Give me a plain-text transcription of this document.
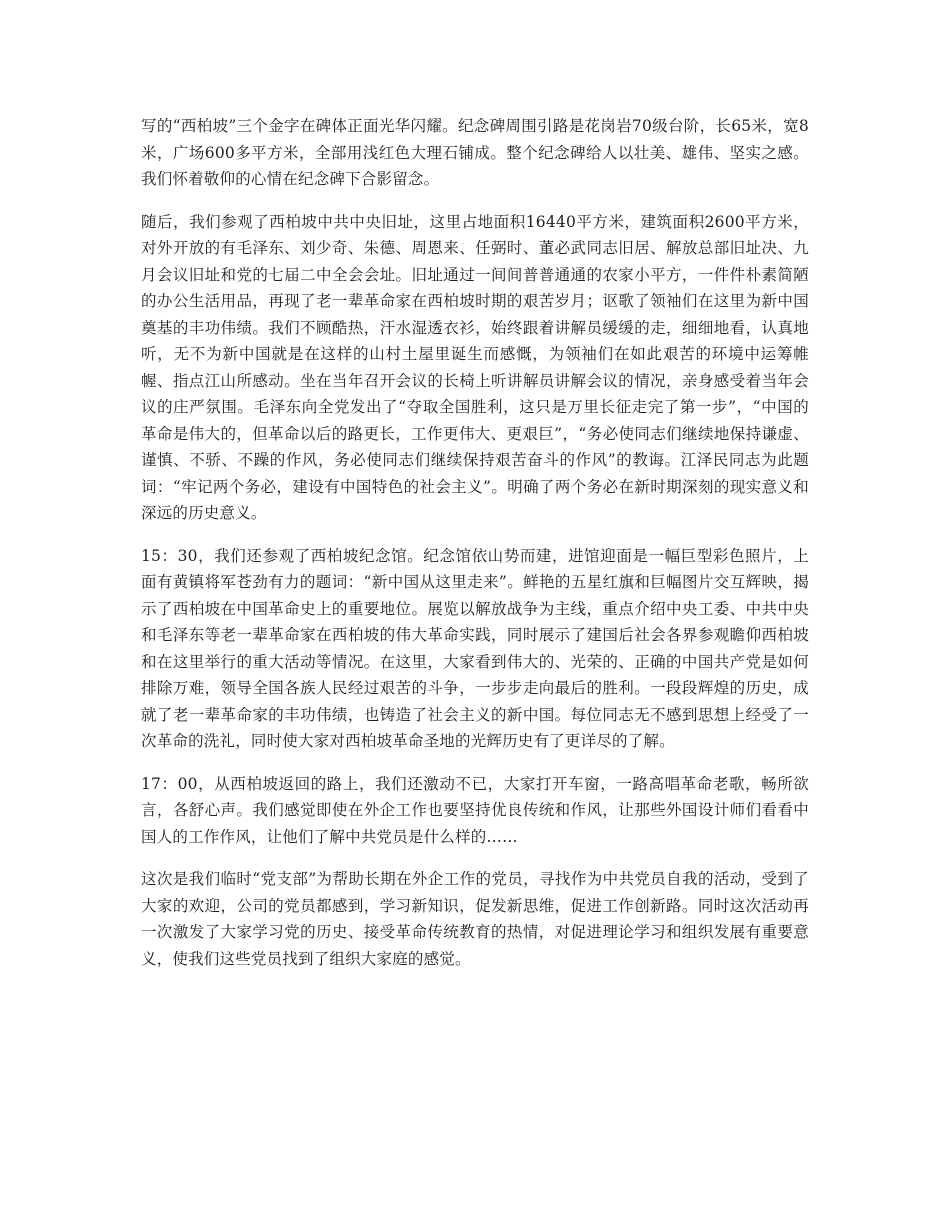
写的“西柏坡”三个金字在碑体正面光华闪耀。纪念碑周围引路是花岗岩70级台阶，长65米，宽8米，广场600多平方米，全部用浅红色大理石铺成。整个纪念碑给人以壮美、雄伟、坚实之感。我们怀着敬仰的心情在纪念碑下合影留念。

随后，我们参观了西柏坡中共中央旧址，这里占地面积16440平方米，建筑面积2600平方米，对外开放的有毛泽东、刘少奇、朱德、周恩来、任弼时、董必武同志旧居、解放总部旧址决、九月会议旧址和党的七届二中全会会址。旧址通过一间间普普通通的农家小平方，一件件朴素简陋的办公生活用品，再现了老一辈革命家在西柏坡时期的艰苦岁月；讴歌了领袖们在这里为新中国奠基的丰功伟绩。我们不顾酷热，汗水湿透衣衫，始终跟着讲解员缓缓的走，细细地看，认真地听，无不为新中国就是在这样的山村土屋里诞生而感慨，为领袖们在如此艰苦的环境中运筹帷幄、指点江山所感动。坐在当年召开会议的长椅上听讲解员讲解会议的情况，亲身感受着当年会议的庄严氛围。毛泽东向全党发出了“夺取全国胜利，这只是万里长征走完了第一步”，“中国的革命是伟大的，但革命以后的路更长，工作更伟大、更艰巨”，“务必使同志们继续地保持谦虚、谨慎、不骄、不躁的作风，务必使同志们继续保持艰苦奋斗的作风”的教诲。江泽民同志为此题词：“牢记两个务必，建设有中国特色的社会主义”。明确了两个务必在新时期深刻的现实意义和深远的历史意义。

15：30，我们还参观了西柏坡纪念馆。纪念馆依山势而建，进馆迎面是一幅巨型彩色照片，上面有黄镇将军苍劲有力的题词：“新中国从这里走来”。鲜艳的五星红旗和巨幅图片交互辉映，揭示了西柏坡在中国革命史上的重要地位。展览以解放战争为主线，重点介绍中央工委、中共中央和毛泽东等老一辈革命家在西柏坡的伟大革命实践，同时展示了建国后社会各界参观瞻仰西柏坡和在这里举行的重大活动等情况。在这里，大家看到伟大的、光荣的、正确的中国共产党是如何排除万难，领导全国各族人民经过艰苦的斗争，一步步走向最后的胜利。一段段辉煌的历史，成就了老一辈革命家的丰功伟绩，也铸造了社会主义的新中国。每位同志无不感到思想上经受了一次革命的洗礼，同时使大家对西柏坡革命圣地的光辉历史有了更详尽的了解。

17：00，从西柏坡返回的路上，我们还激动不已，大家打开车窗，一路高唱革命老歌，畅所欲言，各舒心声。我们感觉即使在外企工作也要坚持优良传统和作风，让那些外国设计师们看看中国人的工作作风，让他们了解中共党员是什么样的……

这次是我们临时“党支部”为帮助长期在外企工作的党员，寻找作为中共党员自我的活动，受到了大家的欢迎，公司的党员都感到，学习新知识，促发新思维，促进工作创新路。同时这次活动再一次激发了大家学习党的历史、接受革命传统教育的热情，对促进理论学习和组织发展有重要意义，使我们这些党员找到了组织大家庭的感觉。
